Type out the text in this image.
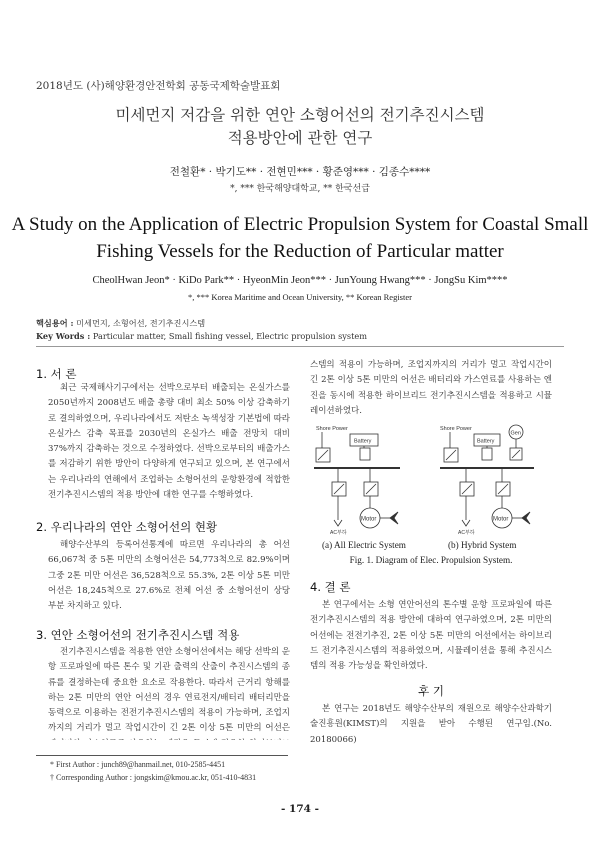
2018년도 (사)해양환경안전학회 공동국제학술발표회
미세먼지 저감을 위한 연안 소형어선의 전기추진시스템
적용방안에 관한 연구
전철환* · 박기도** · 전현민*** · 황준영*** · 김종수****
*, *** 한국해양대학교, ** 한국선급
A Study on the Application of Electric Propulsion System for Coastal Small
Fishing Vessels for the Reduction of Particular matter
CheolHwan Jeon* · KiDo Park** · HyeonMin Jeon*** · JunYoung Hwang*** · JongSu Kim****
*, *** Korea Maritime and Ocean University, ** Korean Register
핵심용어 : 미세먼지, 소형어선, 전기추진시스템
Key Words : Particular matter, Small fishing vessel, Electric propulsion system
1. 서 론
최근 국제해사기구에서는 선박으로부터 배출되는 온실가스를 2050년까지 2008년도 배출 총량 대비 최소 50% 이상 감축하기로 결의하였으며, 우리나라에서도 저탄소 녹색성장 기본법에 따라 온실가스 감축 목표를 2030년의 온실가스 배출 전망치 대비 37%까지 감축하는 것으로 수정하였다. 선박으로부터의 배출가스를 저감하기 위한 방안이 다양하게 연구되고 있으며, 본 연구에서는 우리나라의 연해에서 조업하는 소형어선의 운항환경에 적합한 전기추진시스템의 적용 방안에 대한 연구를 수행하였다.
2. 우리나라의 연안 소형어선의 현황
해양수산부의 등록어선통계에 따르면 우리나라의 총 어선 66,067척 중 5톤 미만의 소형어선은 54,773척으로 82.9%이며 그중 2톤 미만 어선은 36,528척으로 55.3%, 2톤 이상 5톤 미만 어선은 18,245척으로 27.6%로 전체 어선 중 소형어선이 상당 부분 차지하고 있다.
3. 연안 소형어선의 전기추진시스템 적용
전기추진시스템을 적용한 연안 소형어선에서는 해당 선박의 운항 프로파일에 따른 톤수 및 기관 출력의 산출이 추진시스템의 종류를 결정하는데 중요한 요소로 작용한다. 따라서 근거리 항해를 하는 2톤 미만의 연안 어선의 경우 연료전지/배터리 배터리만을 동력으로 이용하는 전전기추진시스템의 적용이 가능하며, 조업지까지의 거리가 멀고 작업시간이 긴 2톤 이상 5톤 미만의 어선은
* First Author : junch89@hanmail.net, 010-2585-4451
† Corresponding Author : jongskim@kmou.ac.kr, 051-410-4831
스템의 적용이 가능하며, 조업지까지의 거리가 멀고 작업시간이 긴 2톤 이상 5톤 미만의 어선은 배터리와 가스연료를 사용하는 엔진을 동시에 적용한 하이브리드 전기추진시스템을 적용하고 시뮬레이션하였다.
Shore Power
Battery
AC부하
Motor
Shore Power
Battery
Gen
AC부하
Motor
(a) All Electric System	(b) Hybrid System
Fig. 1. Diagram of Elec. Propulsion System.
4. 결 론
본 연구에서는 소형 연안어선의 톤수별 운항 프로파일에 따른 전기추진시스템의 적용 방안에 대하여 연구하였으며, 2톤 미만의 어선에는 전전기추진, 2톤 이상 5톤 미만의 어선에서는 하이브리드 전기추진시스템의 적용하였으며, 시뮬레이션을 통해 추진시스템의 적용 가능성을 확인하였다.
후 기
본 연구는 2018년도 해양수산부의 재원으로 해양수산과학기술진흥원(KIMST)의 지원을 받아 수행된 연구임.(No. 20180066)
- 174 -
